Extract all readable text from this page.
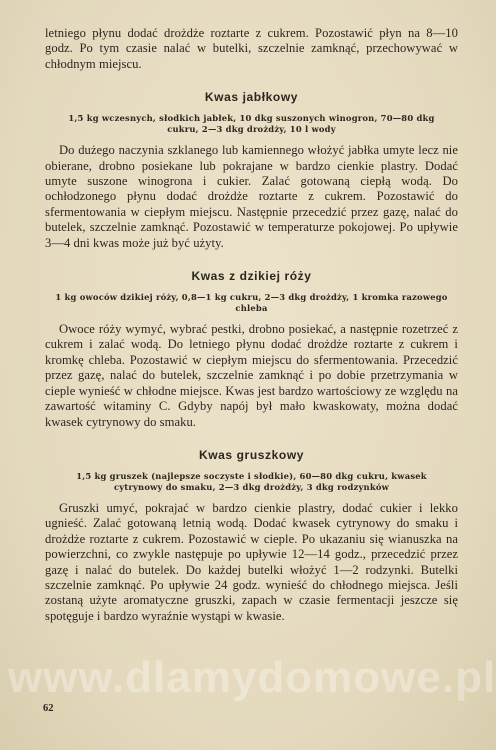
letniego płynu dodać drożdże roztarte z cukrem. Pozostawić płyn na 8—10 godz. Po tym czasie nalać w butelki, szczelnie zamknąć, przechowywać w chłodnym miejscu.

Kwas jabłkowy

1,5 kg wczesnych, słodkich jabłek, 10 dkg suszonych winogron, 70—80 dkg cukru, 2—3 dkg drożdży, 10 l wody

Do dużego naczynia szklanego lub kamiennego włożyć jabłka umyte lecz nie obierane, drobno posiekane lub pokrajane w bardzo cienkie plastry. Dodać umyte suszone winogrona i cukier. Zalać gotowaną ciepłą wodą. Do ochłodzonego płynu dodać drożdże roztarte z cukrem. Pozostawić do sfermentowania w ciepłym miejscu. Następnie przecedzić przez gazę, nalać do butelek, szczelnie zamknąć. Pozostawić w temperaturze pokojowej. Po upływie 3—4 dni kwas może już być użyty.

Kwas z dzikiej róży

1 kg owoców dzikiej róży, 0,8—1 kg cukru, 2—3 dkg drożdży, 1 kromka razowego chleba

Owoce róży wymyć, wybrać pestki, drobno posiekać, a następnie rozetrzeć z cukrem i zalać wodą. Do letniego płynu dodać drożdże roztarte z cukrem i kromkę chleba. Pozostawić w ciepłym miejscu do sfermentowania. Przecedzić przez gazę, nalać do butelek, szczelnie zamknąć i po dobie przetrzymania w cieple wynieść w chłodne miejsce. Kwas jest bardzo wartościowy ze względu na zawartość witaminy C. Gdyby napój był mało kwaskowaty, można dodać kwasek cytrynowy do smaku.

Kwas gruszkowy

1,5 kg gruszek (najlepsze soczyste i słodkie), 60—80 dkg cukru, kwasek cytrynowy do smaku, 2—3 dkg drożdży, 3 dkg rodzynków

Gruszki umyć, pokrajać w bardzo cienkie plastry, dodać cukier i lekko ugnieść. Zalać gotowaną letnią wodą. Dodać kwasek cytrynowy do smaku i drożdże roztarte z cukrem. Pozostawić w cieple. Po ukazaniu się wianuszka na powierzchni, co zwykle następuje po upływie 12—14 godz., przecedzić przez gazę i nalać do butelek. Do każdej butelki włożyć 1—2 rodzynki. Butelki szczelnie zamknąć. Po upływie 24 godz. wynieść do chłodnego miejsca. Jeśli zostaną użyte aromatyczne gruszki, zapach w czasie fermentacji jeszcze się spotęguje i bardzo wyraźnie wystąpi w kwasie.

www.dlamydomowe.pl
62
